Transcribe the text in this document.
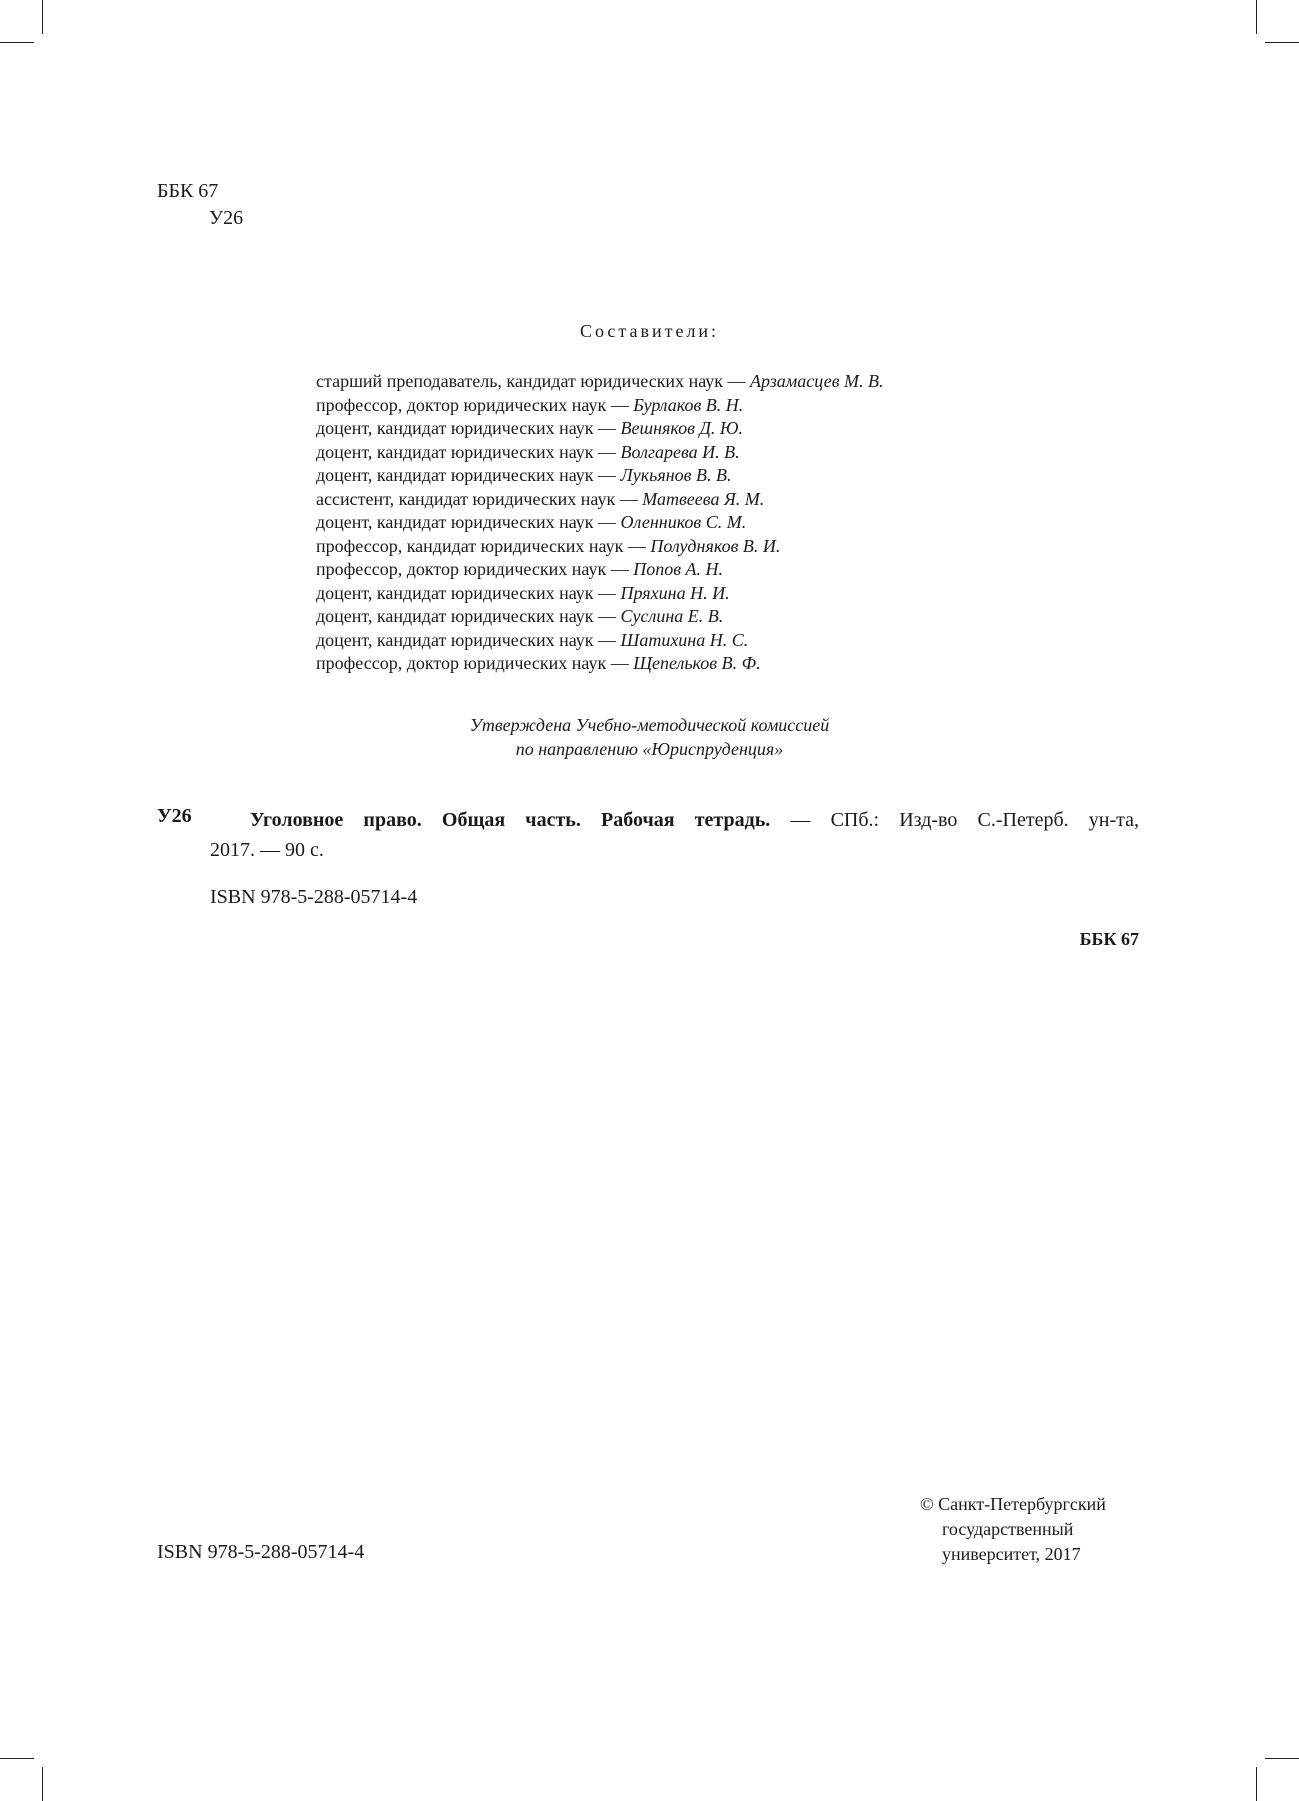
ББК 67
У26
Составители:
старший преподаватель, кандидат юридических наук — Арзамасцев М. В.
профессор, доктор юридических наук — Бурлаков В. Н.
доцент, кандидат юридических наук — Вешняков Д. Ю.
доцент, кандидат юридических наук — Волгарева И. В.
доцент, кандидат юридических наук — Лукьянов В. В.
ассистент, кандидат юридических наук — Матвеева Я. М.
доцент, кандидат юридических наук — Оленников С. М.
профессор, кандидат юридических наук — Полудняков В. И.
профессор, доктор юридических наук — Попов А. Н.
доцент, кандидат юридических наук — Пряхина Н. И.
доцент, кандидат юридических наук — Суслина Е. В.
доцент, кандидат юридических наук — Шатихина Н. С.
профессор, доктор юридических наук — Щепельков В. Ф.
Утверждена Учебно-методической комиссией
по направлению «Юриспруденция»
У26	Уголовное право. Общая часть. Рабочая тетрадь. — СПб.: Изд-во С.-Петерб. ун-та,
2017. — 90 с.
ISBN 978-5-288-05714-4
ББК 67
ISBN 978-5-288-05714-4
© Санкт-Петербургский
государственный
университет, 2017
